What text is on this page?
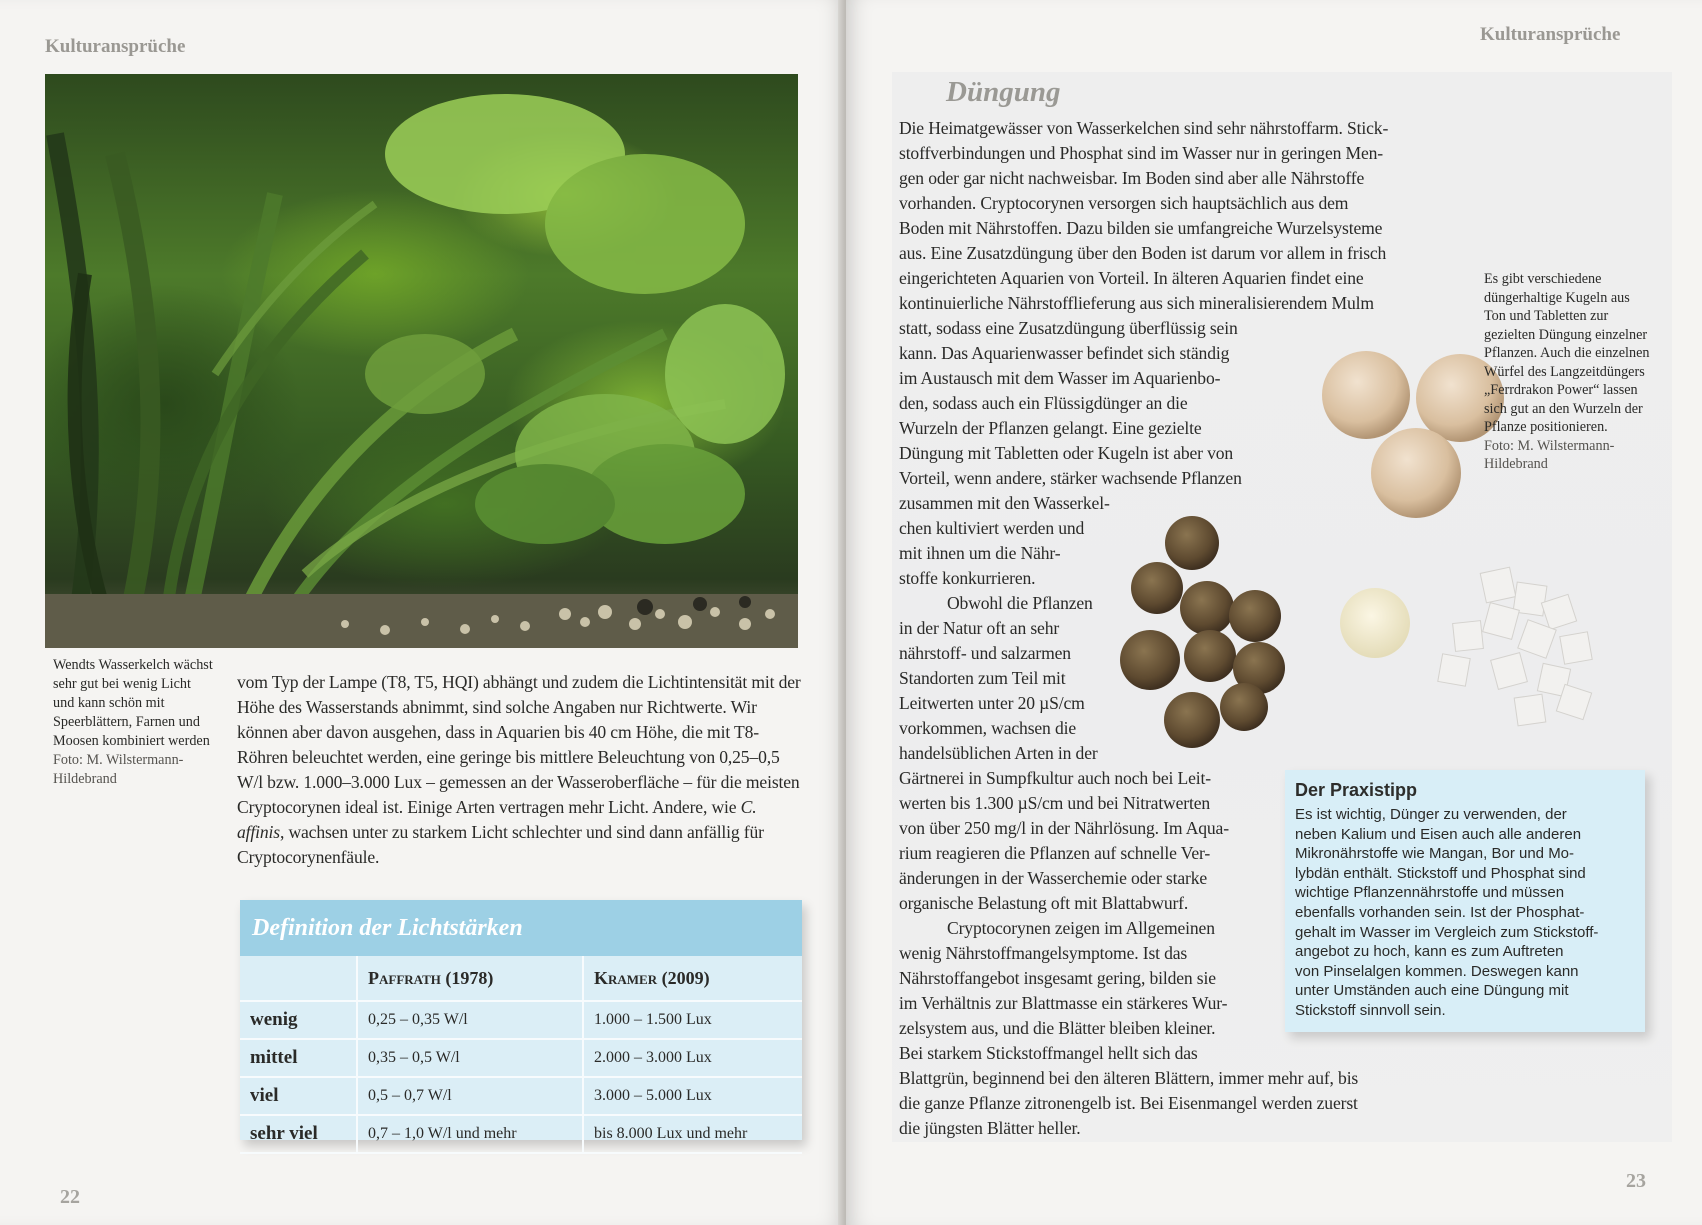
Kulturansprüche
Wendts Wasserkelch wächst sehr gut bei wenig Licht und kann schön mit Speerblättern, Farnen und Moosen kombiniert werden
Foto: M. Wilstermann-Hildebrand
vom Typ der Lampe (T8, T5, HQI) abhängt und zudem die Lichtintensität mit der Höhe des Wasserstands abnimmt, sind solche Angaben nur Richtwerte. Wir können aber davon ausgehen, dass in Aquarien bis 40 cm Höhe, die mit T8-Röhren beleuchtet werden, eine geringe bis mittlere Beleuchtung von 0,25–0,5 W/l bzw. 1.000–3.000 Lux – gemessen an der Wasseroberfläche – für die meisten Cryptocorynen ideal ist. Einige Arten vertragen mehr Licht. Andere, wie C. affinis, wachsen unter zu starkem Licht schlechter und sind dann anfällig für Cryptocorynenfäule.
Definition der Lichtstärken
	Paffrath (1978)	Kramer (2009)
wenig	0,25 – 0,35 W/l	1.000 – 1.500 Lux
mittel	0,35 – 0,5 W/l	2.000 – 3.000 Lux
viel	0,5 – 0,7 W/l	3.000 – 5.000 Lux
sehr viel	0,7 – 1,0 W/l und mehr	bis 8.000 Lux und mehr
22
Kulturansprüche
Düngung
Die Heimatgewässer von Wasserkelchen sind sehr nährstoffarm. Stick-
stoffverbindungen und Phosphat sind im Wasser nur in geringen Men-
gen oder gar nicht nachweisbar. Im Boden sind aber alle Nährstoffe
vorhanden. Cryptocorynen versorgen sich hauptsächlich aus dem
Boden mit Nährstoffen. Dazu bilden sie umfangreiche Wurzelsysteme
aus. Eine Zusatzdüngung über den Boden ist darum vor allem in frisch
eingerichteten Aquarien von Vorteil. In älteren Aquarien findet eine
kontinuierliche Nährstofflieferung aus sich mineralisierendem Mulm
statt, sodass eine Zusatzdüngung überflüssig sein
kann. Das Aquarienwasser befindet sich ständig
im Austausch mit dem Wasser im Aquarienbo-
den, sodass auch ein Flüssigdünger an die
Wurzeln der Pflanzen gelangt. Eine gezielte
Düngung mit Tabletten oder Kugeln ist aber von
Vorteil, wenn andere, stärker wachsende Pflanzen
zusammen mit den Wasserkel-
chen kultiviert werden und
mit ihnen um die Nähr-
stoffe konkurrieren.
Obwohl die Pflanzen
in der Natur oft an sehr
nährstoff- und salzarmen
Standorten zum Teil mit
Leitwerten unter 20 µS/cm
vorkommen, wachsen die
handelsüblichen Arten in der
Gärtnerei in Sumpfkultur auch noch bei Leit-
werten bis 1.300 µS/cm und bei Nitratwerten
von über 250 mg/l in der Nährlösung. Im Aqua-
rium reagieren die Pflanzen auf schnelle Ver-
änderungen in der Wasserchemie oder starke
organische Belastung oft mit Blattabwurf.
Cryptocorynen zeigen im Allgemeinen
wenig Nährstoffmangelsymptome. Ist das
Nährstoffangebot insgesamt gering, bilden sie
im Verhältnis zur Blattmasse ein stärkeres Wur-
zelsystem aus, und die Blätter bleiben kleiner.
Bei starkem Stickstoffmangel hellt sich das
Blattgrün, beginnend bei den älteren Blättern, immer mehr auf, bis
die ganze Pflanze zitronengelb ist. Bei Eisenmangel werden zuerst
die jüngsten Blätter heller.
Es gibt verschiedene düngerhaltige Kugeln aus Ton und Tabletten zur gezielten Düngung einzelner Pflanzen. Auch die einzelnen Würfel des Langzeitdüngers „Ferrdrakon Power“ lassen sich gut an den Wurzeln der Pflanze positionieren.
Foto: M. Wilstermann-Hildebrand
Der Praxistipp
Es ist wichtig, Dünger zu verwenden, der
neben Kalium und Eisen auch alle anderen
Mikronährstoffe wie Mangan, Bor und Mo-
lybdän enthält. Stickstoff und Phosphat sind
wichtige Pflanzennährstoffe und müssen
ebenfalls vorhanden sein. Ist der Phosphat-
gehalt im Wasser im Vergleich zum Stickstoff-
angebot zu hoch, kann es zum Auftreten
von Pinselalgen kommen. Deswegen kann
unter Umständen auch eine Düngung mit
Stickstoff sinnvoll sein.
23
